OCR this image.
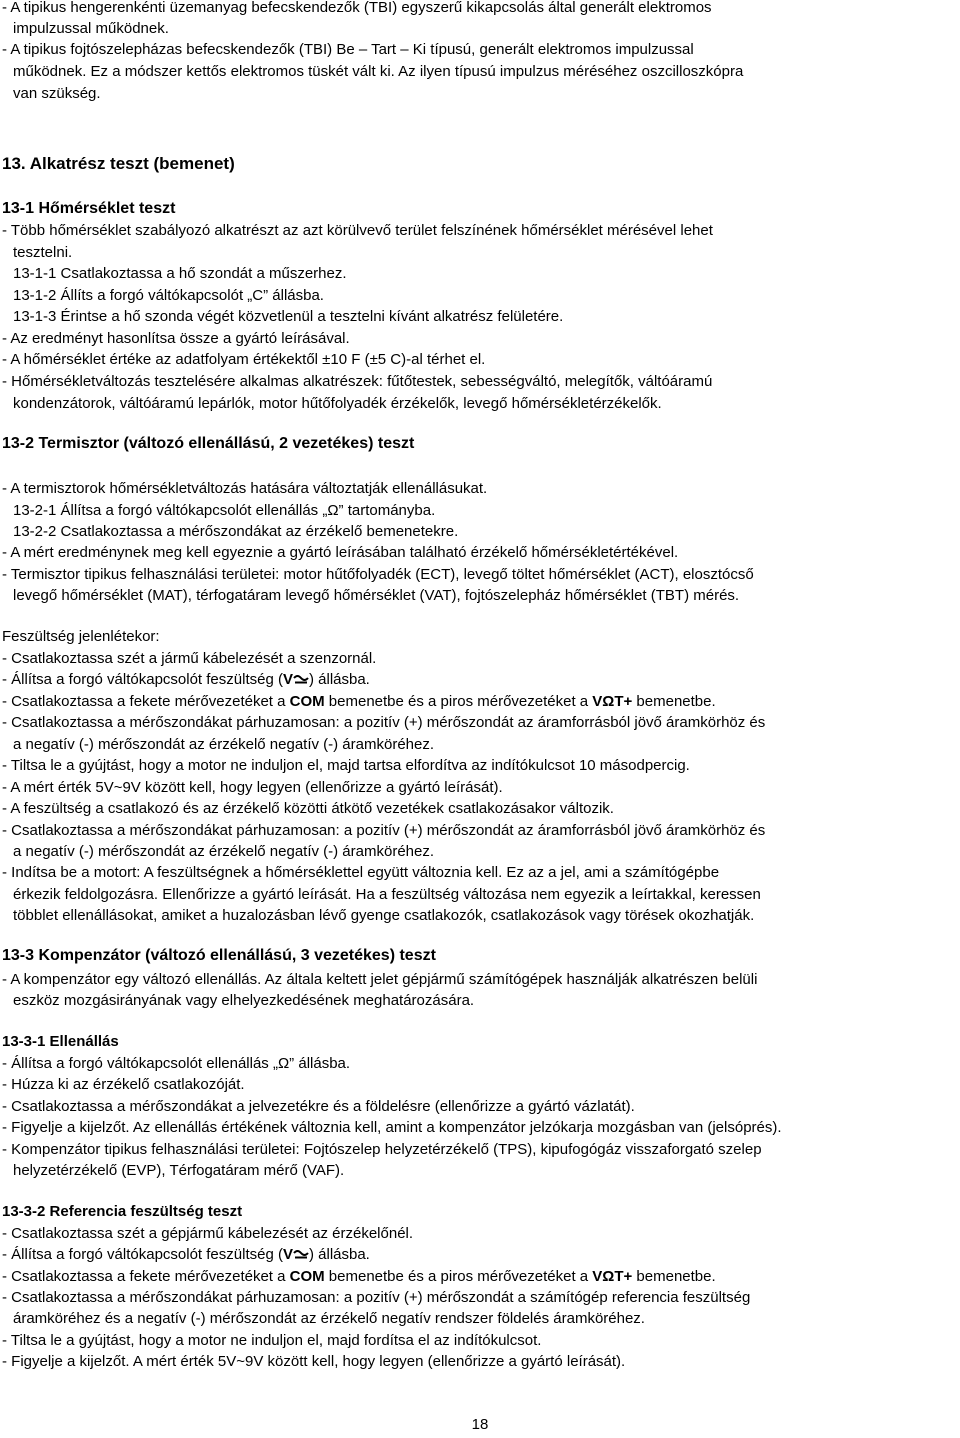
- A tipikus hengerenkénti üzemanyag befecskendezők (TBI) egyszerű kikapcsolás által generált elektromos
impulzussal működnek.
- A tipikus fojtószelepházas befecskendezők (TBI) Be – Tart – Ki típusú, generált elektromos impulzussal
működnek. Ez a módszer kettős elektromos tüskét vált ki. Az ilyen típusú impulzus méréséhez oszcilloszkópra
van szükség.
13. Alkatrész teszt (bemenet)
13-1 Hőmérséklet teszt
- Több hőmérséklet szabályozó alkatrészt az azt körülvevő terület felszínének hőmérséklet mérésével lehet
tesztelni.
13-1-1 Csatlakoztassa a hő szondát a műszerhez.
13-1-2 Állíts a forgó váltókapcsolót „C” állásba.
13-1-3 Érintse a hő szonda végét közvetlenül a tesztelni kívánt alkatrész felületére.
- Az eredményt hasonlítsa össze a gyártó leírásával.
- A hőmérséklet értéke az adatfolyam értékektől ±10 F (±5 C)-al térhet el.
- Hőmérsékletváltozás tesztelésére alkalmas alkatrészek: fűtőtestek, sebességváltó, melegítők, váltóáramú
kondenzátorok, váltóáramú lepárlók, motor hűtőfolyadék érzékelők, levegő hőmérsékletérzékelők.
13-2 Termisztor (változó ellenállású, 2 vezetékes) teszt
- A termisztorok hőmérsékletváltozás hatására változtatják ellenállásukat.
13-2-1 Állítsa a forgó váltókapcsolót ellenállás „Ω” tartományba.
13-2-2 Csatlakoztassa a mérőszondákat az érzékelő bemenetekre.
- A mért eredménynek meg kell egyeznie a gyártó leírásában található érzékelő hőmérsékletértékével.
- Termisztor tipikus felhasználási területei: motor hűtőfolyadék (ECT), levegő töltet hőmérséklet (ACT), elosztócső
levegő hőmérséklet (MAT), térfogatáram levegő hőmérséklet (VAT), fojtószelepház hőmérséklet (TBT) mérés.
Feszültség jelenlétekor:
- Csatlakoztassa szét a jármű kábelezését a szenzornál.
- Állítsa a forgó váltókapcsolót feszültség (V ) állásba.
- Csatlakoztassa a fekete mérővezetéket a COM bemenetbe és a piros mérővezetéket a VΩT+ bemenetbe.
- Csatlakoztassa a mérőszondákat párhuzamosan: a pozitív (+) mérőszondát az áramforrásból jövő áramkörhöz és
a negatív (-) mérőszondát az érzékelő negatív (-) áramköréhez.
- Tiltsa le a gyújtást, hogy a motor ne induljon el, majd tartsa elfordítva az indítókulcsot 10 másodpercig.
- A mért érték 5V~9V között kell, hogy legyen (ellenőrizze a gyártó leírását).
- A feszültség a csatlakozó és az érzékelő közötti átkötő vezetékek csatlakozásakor változik.
- Csatlakoztassa a mérőszondákat párhuzamosan: a pozitív (+) mérőszondát az áramforrásból jövő áramkörhöz és
a negatív (-) mérőszondát az érzékelő negatív (-) áramköréhez.
- Indítsa be a motort: A feszültségnek a hőmérséklettel együtt változnia kell. Ez az a jel, ami a számítógépbe
érkezik feldolgozásra. Ellenőrizze a gyártó leírását. Ha a feszültség változása nem egyezik a leírtakkal, keressen
többlet ellenállásokat, amiket a huzalozásban lévő gyenge csatlakozók, csatlakozások vagy törések okozhatják.
13-3 Kompenzátor (változó ellenállású, 3 vezetékes) teszt
- A kompenzátor egy változó ellenállás. Az általa keltett jelet gépjármű számítógépek használják alkatrészen belüli
eszköz mozgásirányának vagy elhelyezkedésének meghatározására.
13-3-1 Ellenállás
- Állítsa a forgó váltókapcsolót ellenállás „Ω” állásba.
- Húzza ki az érzékelő csatlakozóját.
- Csatlakoztassa a mérőszondákat a jelvezetékre és a földelésre (ellenőrizze a gyártó vázlatát).
- Figyelje a kijelzőt. Az ellenállás értékének változnia kell, amint a kompenzátor jelzókarja mozgásban van (jelsóprés).
- Kompenzátor tipikus felhasználási területei: Fojtószelep helyzetérzékelő (TPS), kipufogógáz visszaforgató szelep
helyzetérzékelő (EVP), Térfogatáram mérő (VAF).
13-3-2 Referencia feszültség teszt
- Csatlakoztassa szét a gépjármű kábelezését az érzékelőnél.
- Állítsa a forgó váltókapcsolót feszültség (V ) állásba.
- Csatlakoztassa a fekete mérővezetéket a COM bemenetbe és a piros mérővezetéket a VΩT+ bemenetbe.
- Csatlakoztassa a mérőszondákat párhuzamosan: a pozitív (+) mérőszondát a számítógép referencia feszültség
áramköréhez és a negatív (-) mérőszondát az érzékelő negatív rendszer földelés áramköréhez.
- Tiltsa le a gyújtást, hogy a motor ne induljon el, majd fordítsa el az indítókulcsot.
- Figyelje a kijelzőt. A mért érték 5V~9V között kell, hogy legyen (ellenőrizze a gyártó leírását).
18
